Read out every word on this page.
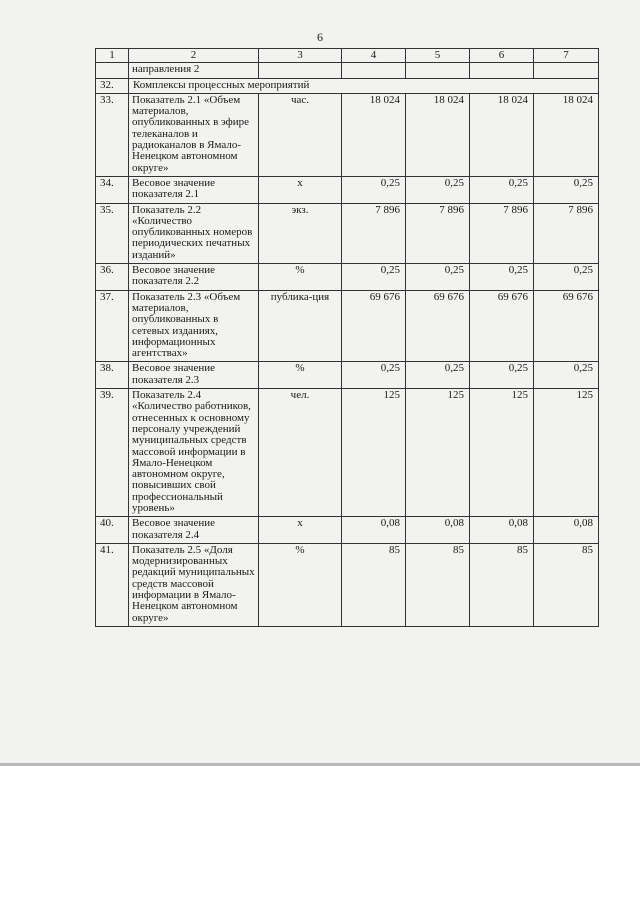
6
1	2	3	4	5	6	7
	направления 2					
32.	Комплексы процессных мероприятий					
33.	Показатель 2.1 «Объем материалов, опубликованных в эфире телеканалов и радиоканалов в Ямало-Ненецком автономном округе»	час.	18 024	18 024	18 024	18 024
34.	Весовое значение показателя 2.1	х	0,25	0,25	0,25	0,25
35.	Показатель 2.2 «Количество опубликованных номеров периодических печатных изданий»	экз.	7 896	7 896	7 896	7 896
36.	Весовое значение показателя 2.2	%	0,25	0,25	0,25	0,25
37.	Показатель 2.3 «Объем материалов, опубликованных в сетевых изданиях, информационных агентствах»	публика-ция	69 676	69 676	69 676	69 676
38.	Весовое значение показателя 2.3	%	0,25	0,25	0,25	0,25
39.	Показатель 2.4 «Количество работников, отнесенных к основному персоналу учреждений муниципальных средств массовой информации в Ямало-Ненецком автономном округе, повысивших свой профессиональный уровень»	чел.	125	125	125	125
40.	Весовое значение показателя 2.4	х	0,08	0,08	0,08	0,08
41.	Показатель 2.5 «Доля модернизированных редакций муниципальных средств массовой информации в Ямало-Ненецком автономном округе»	%	85	85	85	85
